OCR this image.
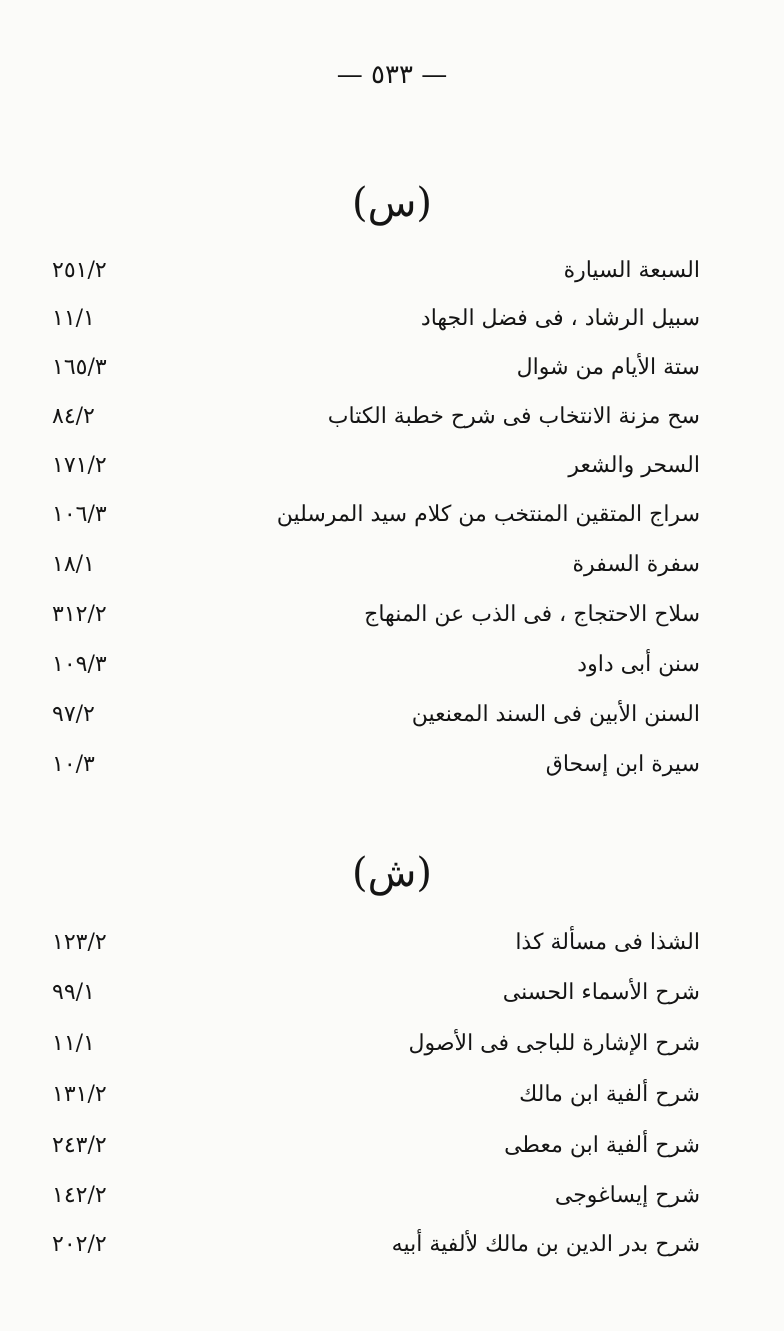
— ٥٣٣ —
(س)
السبعة السيارة
٢٥١/٢
سبيل الرشاد ، فى فضل الجهاد
١١/١
ستة الأيام من شوال
١٦٥/٣
سح مزنة الانتخاب فى شرح خطبة الكتاب
٨٤/٢
السحر والشعر
١٧١/٢
سراج المتقين المنتخب من كلام سيد المرسلين
١٠٦/٣
سفرة السفرة
١٨/١
سلاح الاحتجاج ، فى الذب عن المنهاج
٣١٢/٢
سنن أبى داود
١٠٩/٣
السنن الأبين فى السند المعنعين
٩٧/٢
سيرة ابن إسحاق
١٠/٣
(ش)
الشذا فى مسألة كذا
١٢٣/٢
شرح الأسماء الحسنى
٩٩/١
شرح الإشارة للباجى فى الأصول
١١/١
شرح ألفية ابن مالك
١٣١/٢
شرح ألفية ابن معطى
٢٤٣/٢
شرح إيساغوجى
١٤٢/٢
شرح بدر الدين بن مالك لألفية أبيه
٢٠٢/٢
